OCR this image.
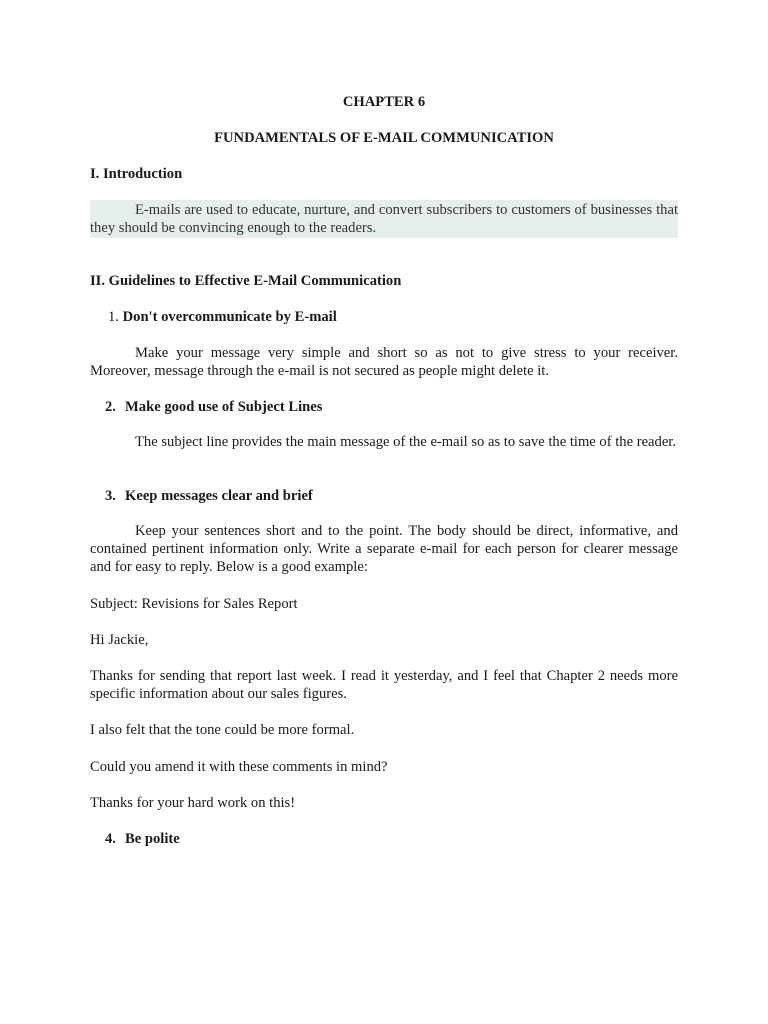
CHAPTER 6

FUNDAMENTALS OF E-MAIL COMMUNICATION

I. Introduction

E-mails are used to educate, nurture, and convert subscribers to customers of businesses that they should be convincing enough to the readers.

II. Guidelines to Effective E-Mail Communication

1. Don't overcommunicate by E-mail

Make your message very simple and short so as not to give stress to your receiver. Moreover, message through the e-mail is not secured as people might delete it.

2. Make good use of Subject Lines

The subject line provides the main message of the e-mail so as to save the time of the reader.

3. Keep messages clear and brief

Keep your sentences short and to the point. The body should be direct, informative, and contained pertinent information only. Write a separate e-mail for each person for clearer message and for easy to reply. Below is a good example:

Subject: Revisions for Sales Report

Hi Jackie,

Thanks for sending that report last week. I read it yesterday, and I feel that Chapter 2 needs more specific information about our sales figures.

I also felt that the tone could be more formal.

Could you amend it with these comments in mind?

Thanks for your hard work on this!

4. Be polite
